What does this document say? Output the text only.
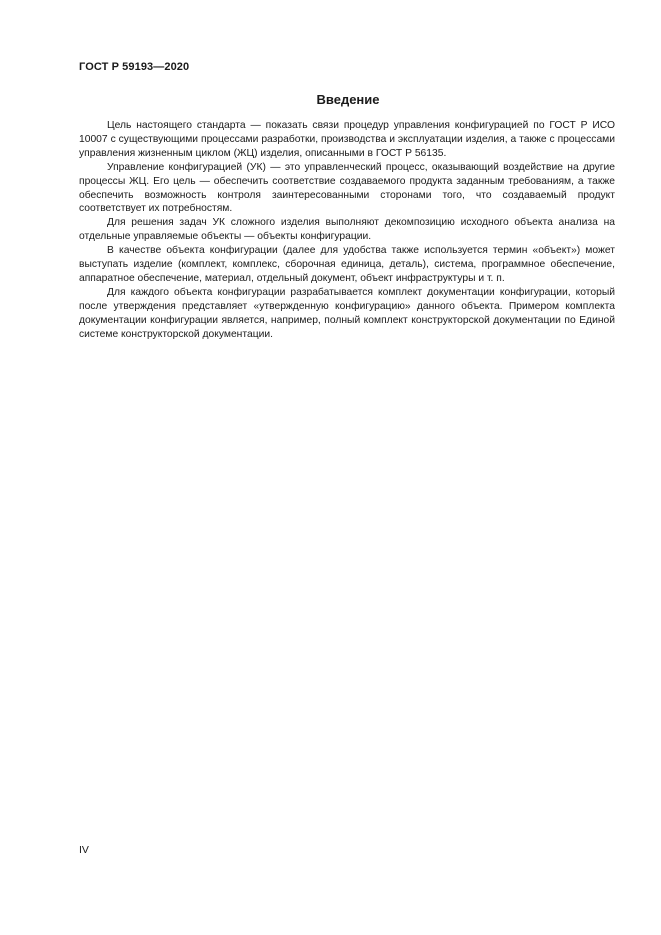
ГОСТ Р 59193—2020
Введение

Цель настоящего стандарта — показать связи процедур управления конфигурацией по ГОСТ Р ИСО 10007 с существующими процессами разработки, производства и эксплуатации изделия, а также с процессами управления жизненным циклом (ЖЦ) изделия, описанными в ГОСТ Р 56135.

Управление конфигурацией (УК) — это управленческий процесс, оказывающий воздействие на другие процессы ЖЦ. Его цель — обеспечить соответствие создаваемого продукта заданным требованиям, а также обеспечить возможность контроля заинтересованными сторонами того, что создаваемый продукт соответствует их потребностям.

Для решения задач УК сложного изделия выполняют декомпозицию исходного объекта анализа на отдельные управляемые объекты — объекты конфигурации.

В качестве объекта конфигурации (далее для удобства также используется термин «объект») может выступать изделие (комплект, комплекс, сборочная единица, деталь), система, программное обеспечение, аппаратное обеспечение, материал, отдельный документ, объект инфраструктуры и т. п.

Для каждого объекта конфигурации разрабатывается комплект документации конфигурации, который после утверждения представляет «утвержденную конфигурацию» данного объекта. Примером комплекта документации конфигурации является, например, полный комплект конструкторской документации по Единой системе конструкторской документации.

IV
